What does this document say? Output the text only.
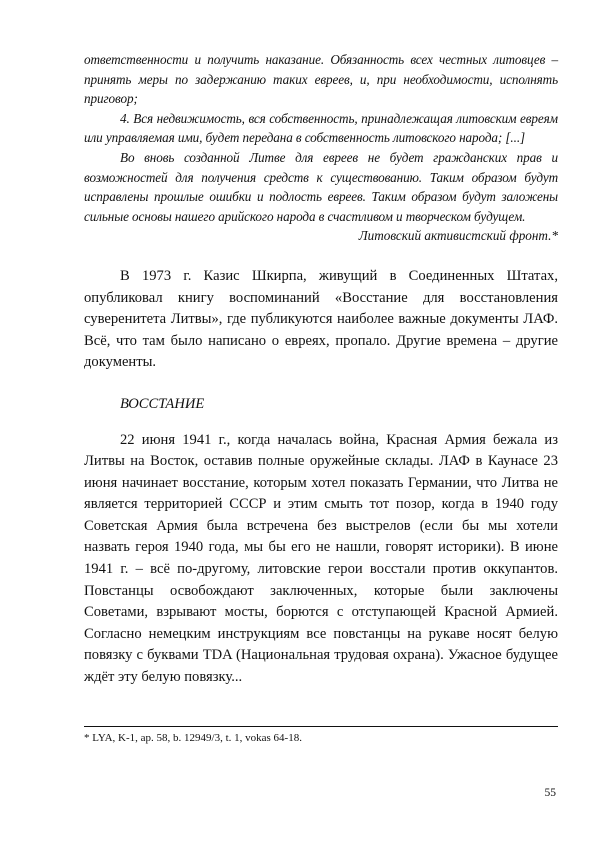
ответственности и получить наказание. Обязанность всех честных литовцев – принять меры по задержанию таких евреев, и, при необходимости, исполнять приговор;

4. Вся недвижимость, вся собственность, принадлежащая литовским евреям или управляемая ими, будет передана в собственность литовского народа; [...]

Во вновь созданной Литве для евреев не будет гражданских прав и возможностей для получения средств к существованию. Таким образом будут исправлены прошлые ошибки и подлость евреев. Таким образом будут заложены сильные основы нашего арийского народа в счастливом и творческом будущем.

Литовский активистский фронт.*

В 1973 г. Казис Шкирпа, живущий в Соединенных Штатах, опубликовал книгу воспоминаний «Восстание для восстановления суверенитета Литвы», где публикуются наиболее важные документы ЛАФ. Всё, что там было написано о евреях, пропало. Другие времена – другие документы.

ВОССТАНИЕ

22 июня 1941 г., когда началась война, Красная Армия бежала из Литвы на Восток, оставив полные оружейные склады. ЛАФ в Каунасе 23 июня начинает восстание, которым хотел показать Германии, что Литва не является территорией СССР и этим смыть тот позор, когда в 1940 году Советская Армия была встречена без выстрелов (если бы мы хотели назвать героя 1940 года, мы бы его не нашли, говорят историки). В июне 1941 г. – всё по-другому, литовские герои восстали против оккупантов. Повстанцы освобождают заключенных, которые были заключены Советами, взрывают мосты, борются с отступающей Красной Армией. Согласно немецким инструкциям все повстанцы на рукаве носят белую повязку с буквами TDA (Национальная трудовая охрана). Ужасное будущее ждёт эту белую повязку...

* LYA, K-1, ap. 58, b. 12949/3, t. 1, vokas 64-18.
55
